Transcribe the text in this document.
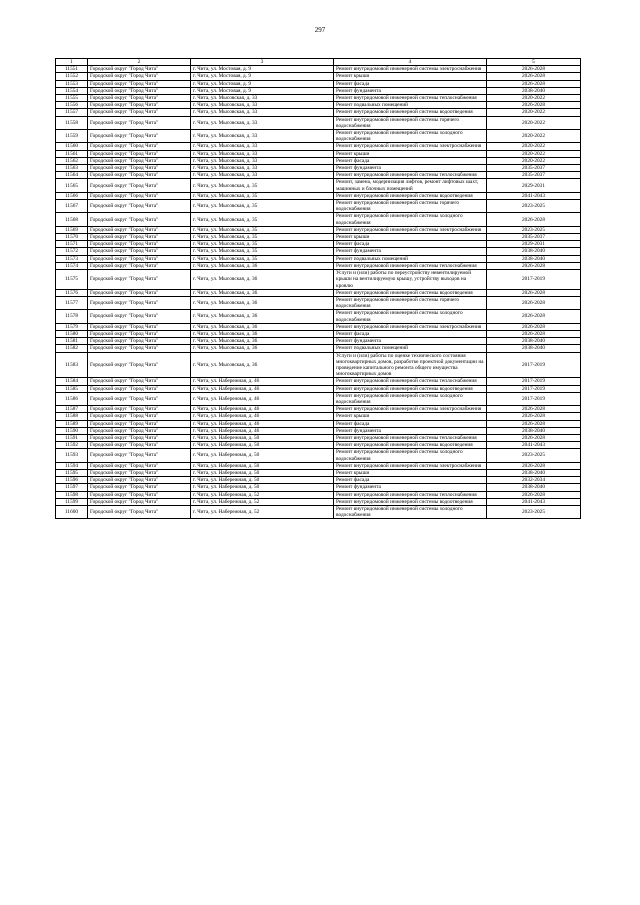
297
1	2	3	4	5
11551	Городской округ "Город Чита"	г. Чита, ул. Мостовая, д. 9	Ремонт внутридомовой инженерной системы электроснабжения	2026-2028
11552	Городской округ "Город Чита"	г. Чита, ул. Мостовая, д. 9	Ремонт крыши	2026-2028
11553	Городской округ "Город Чита"	г. Чита, ул. Мостовая, д. 9	Ремонт фасада	2026-2028
11554	Городской округ "Город Чита"	г. Чита, ул. Мостовая, д. 9	Ремонт фундамента	2038-2040
11555	Городской округ "Город Чита"	г. Чита, ул. Мысовская, д. 33	Ремонт внутридомовой инженерной системы теплоснабжения	2020-2022
11556	Городской округ "Город Чита"	г. Чита, ул. Мысовская, д. 33	Ремонт подвальных помещений	2026-2028
11557	Городской округ "Город Чита"	г. Чита, ул. Мысовская, д. 33	Ремонт внутридомовой инженерной системы водоотведения	2020-2022
11558	Городской округ "Город Чита"	г. Чита, ул. Мысовская, д. 33	Ремонт внутридомовой инженерной системы горячего водоснабжения	2020-2022
11559	Городской округ "Город Чита"	г. Чита, ул. Мысовская, д. 33	Ремонт внутридомовой инженерной системы холодного водоснабжения	2020-2022
11560	Городской округ "Город Чита"	г. Чита, ул. Мысовская, д. 33	Ремонт внутридомовой инженерной системы электроснабжения	2020-2022
11561	Городской округ "Город Чита"	г. Чита, ул. Мысовская, д. 33	Ремонт крыши	2020-2022
11562	Городской округ "Город Чита"	г. Чита, ул. Мысовская, д. 33	Ремонт фасада	2020-2022
11563	Городской округ "Город Чита"	г. Чита, ул. Мысовская, д. 33	Ремонт фундамента	2035-2037
11564	Городской округ "Город Чита"	г. Чита, ул. Мысовская, д. 33	Ремонт внутридомовой инженерной системы теплоснабжения	2035-2037
11565	Городской округ "Город Чита"	г. Чита, ул. Мысовская, д. 35	Ремонт, замена, модернизация лифтов, ремонт лифтовых шахт, машинных и блочных помещений	2029-2031
11566	Городской округ "Город Чита"	г. Чита, ул. Мысовская, д. 35	Ремонт внутридомовой инженерной системы водоотведения	2041-2043
11567	Городской округ "Город Чита"	г. Чита, ул. Мысовская, д. 35	Ремонт внутридомовой инженерной системы горячего водоснабжения	2023-2025
11568	Городской округ "Город Чита"	г. Чита, ул. Мысовская, д. 35	Ремонт внутридомовой инженерной системы холодного водоснабжения	2026-2028
11569	Городской округ "Город Чита"	г. Чита, ул. Мысовская, д. 35	Ремонт внутридомовой инженерной системы электроснабжения	2023-2025
11570	Городской округ "Город Чита"	г. Чита, ул. Мысовская, д. 35	Ремонт крыши	2035-2037
11571	Городской округ "Город Чита"	г. Чита, ул. Мысовская, д. 35	Ремонт фасада	2029-2031
11572	Городской округ "Город Чита"	г. Чита, ул. Мысовская, д. 35	Ремонт фундамента	2038-2040
11573	Городской округ "Город Чита"	г. Чита, ул. Мысовская, д. 35	Ремонт подвальных помещений	2038-2040
11574	Городской округ "Город Чита"	г. Чита, ул. Мысовская, д. 36	Ремонт внутридомовой инженерной системы теплоснабжения	2026-2028
11575	Городской округ "Город Чита"	г. Чита, ул. Мысовская, д. 36	Услуги и (или) работы по переустройству невентилируемой крыши на вентилируемую крышу, устройству выходов на кровлю	2017-2019
11576	Городской округ "Город Чита"	г. Чита, ул. Мысовская, д. 36	Ремонт внутридомовой инженерной системы водоотведения	2026-2028
11577	Городской округ "Город Чита"	г. Чита, ул. Мысовская, д. 36	Ремонт внутридомовой инженерной системы горячего водоснабжения	2026-2028
11578	Городской округ "Город Чита"	г. Чита, ул. Мысовская, д. 36	Ремонт внутридомовой инженерной системы холодного водоснабжения	2026-2028
11579	Городской округ "Город Чита"	г. Чита, ул. Мысовская, д. 36	Ремонт внутридомовой инженерной системы электроснабжения	2026-2028
11580	Городской округ "Город Чита"	г. Чита, ул. Мысовская, д. 36	Ремонт фасада	2026-2028
11581	Городской округ "Город Чита"	г. Чита, ул. Мысовская, д. 36	Ремонт фундамента	2038-2040
11582	Городской округ "Город Чита"	г. Чита, ул. Мысовская, д. 36	Ремонт подвальных помещений	2038-2040
11583	Городской округ "Город Чита"	г. Чита, ул. Мысовская, д. 36	Услуги и (или) работы по оценке технического состояния многоквартирных домов, разработке проектной документации на проведение капитального ремонта общего имущества многоквартирных домов	2017-2019
11584	Городской округ "Город Чита"	г. Чита, ул. Набережная, д. 46	Ремонт внутридомовой инженерной системы теплоснабжения	2017-2019
11585	Городской округ "Город Чита"	г. Чита, ул. Набережная, д. 46	Ремонт внутридомовой инженерной системы водоотведения	2017-2019
11586	Городской округ "Город Чита"	г. Чита, ул. Набережная, д. 46	Ремонт внутридомовой инженерной системы холодного водоснабжения	2017-2019
11587	Городской округ "Город Чита"	г. Чита, ул. Набережная, д. 46	Ремонт внутридомовой инженерной системы электроснабжения	2026-2028
11588	Городской округ "Город Чита"	г. Чита, ул. Набережная, д. 46	Ремонт крыши	2026-2028
11589	Городской округ "Город Чита"	г. Чита, ул. Набережная, д. 46	Ремонт фасада	2026-2028
11590	Городской округ "Город Чита"	г. Чита, ул. Набережная, д. 46	Ремонт фундамента	2038-2040
11591	Городской округ "Город Чита"	г. Чита, ул. Набережная, д. 50	Ремонт внутридомовой инженерной системы теплоснабжения	2026-2028
11592	Городской округ "Город Чита"	г. Чита, ул. Набережная, д. 50	Ремонт внутридомовой инженерной системы водоотведения	2041-2043
11593	Городской округ "Город Чита"	г. Чита, ул. Набережная, д. 50	Ремонт внутридомовой инженерной системы холодного водоснабжения	2023-2025
11594	Городской округ "Город Чита"	г. Чита, ул. Набережная, д. 50	Ремонт внутридомовой инженерной системы электроснабжения	2026-2028
11595	Городской округ "Город Чита"	г. Чита, ул. Набережная, д. 50	Ремонт крыши	2038-2040
11596	Городской округ "Город Чита"	г. Чита, ул. Набережная, д. 50	Ремонт фасада	2032-2034
11597	Городской округ "Город Чита"	г. Чита, ул. Набережная, д. 50	Ремонт фундамента	2038-2040
11598	Городской округ "Город Чита"	г. Чита, ул. Набережная, д. 52	Ремонт внутридомовой инженерной системы теплоснабжения	2026-2028
11599	Городской округ "Город Чита"	г. Чита, ул. Набережная, д. 52	Ремонт внутридомовой инженерной системы водоотведения	2041-2043
11600	Городской округ "Город Чита"	г. Чита, ул. Набережная, д. 52	Ремонт внутридомовой инженерной системы холодного водоснабжения	2023-2025
